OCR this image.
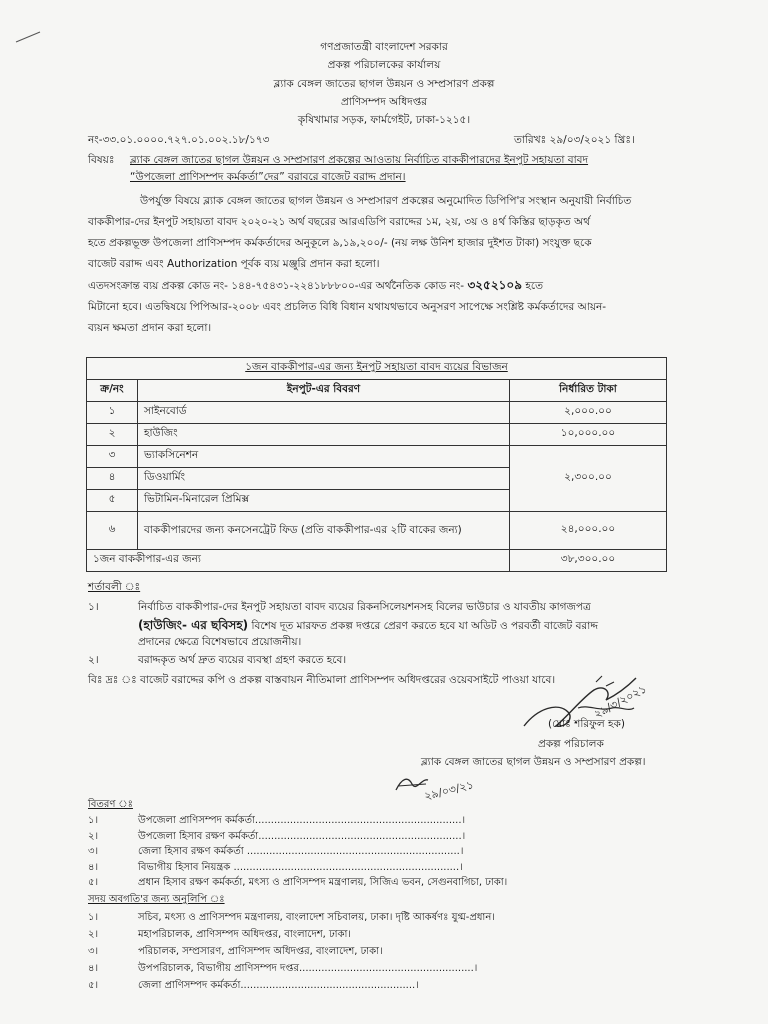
গণপ্রজাতন্ত্রী বাংলাদেশ সরকার
প্রকল্প পরিচালকের কার্যালয়
ব্ল্যাক বেঙ্গল জাতের ছাগল উন্নয়ন ও সম্প্রসারণ প্রকল্প
প্রাণিসম্পদ অধিদপ্তর
কৃষিখামার সড়ক, ফার্মগেইট, ঢাকা-১২১৫।
নং-৩৩.০১.০০০০.৭২৭.০১.০০২.১৮/১৭৩	তারিখঃ ২৯/০৩/২০২১ খ্রিঃ।
বিষয়ঃ ব্ল্যাক বেঙ্গল জাতের ছাগল উন্নয়ন ও সম্প্রসারণ প্রকল্পের আওতায় নির্বাচিত বাককীপারদের ইনপুট সহায়তা বাবদ
“উপজেলা প্রাণিসম্পদ কর্মকর্তা”দের” বরাবরে বাজেট বরাদ্দ প্রদান।
উপর্যুক্ত বিষয়ে ব্ল্যাক বেঙ্গল জাতের ছাগল উন্নয়ন ও সম্প্রসারণ প্রকল্পের অনুমোদিত ডিপিপি'র সংস্থান অনুযায়ী নির্বাচিত
বাককীপার-দের ইনপুট সহায়তা বাবদ ২০২০-২১ অর্থ বছরের আরএডিপি বরাদ্দের ১ম, ২য়, ৩য় ও ৪র্থ কিস্তির ছাড়কৃত অর্থ
হতে প্রকল্পভূক্ত উপজেলা প্রাণিসম্পদ কর্মকর্তাদের অনুকূলে ৯,১৯,২০০/- (নয় লক্ষ উনিশ হাজার দুইশত টাকা) সংযুক্ত ছকে
বাজেট বরাদ্দ এবং Authorization পূর্বক ব্যয় মঞ্জুরি প্রদান করা হলো।
এতদসংক্রান্ত ব্যয় প্রকল্প কোড নং- ১৪৪-৭৫৪৩১-২২৪১৮৮৮০০-এর অর্থনৈতিক কোড নং- ৩২৫২১০৯ হতে
মিটানো হবে। এতদ্বিষয়ে পিপিআর-২০০৮ এবং প্রচলিত বিধি বিধান যথাযথভাবে অনুসরণ সাপেক্ষে সংশ্লিষ্ট কর্মকর্তাদের আয়ন-
ব্যয়ন ক্ষমতা প্রদান করা হলো।
১জন বাককীপার-এর জন্য ইনপুট সহায়তা বাবদ ব্যয়ের বিভাজন		
ক্র/নং	ইনপুট-এর বিবরণ	নির্ধারিত টাকা
১	সাইনবোর্ড	২,০০০.০০
২	হাউজিং	১০,০০০.০০
৩	ভ্যাকসিনেশন	২,৩০০.০০
৪	ডিওয়ার্মিং	
৫	ভিটামিন-মিনারেল প্রিমিক্স	
৬	বাককীপারদের জন্য কনসেনট্রেট ফিড (প্রতি বাককীপার-এর ২টি বাকের জন্য)	২৪,০০০.০০
১জন বাককীপার-এর জন্য		৩৮,৩০০.০০
শর্তাবলী ঃ
১।	নির্বাচিত বাককীপার-দের ইনপুট সহায়তা বাবদ ব্যয়ের রিকনসিলেয়শনসহ বিলের ভাউচার ও যাবতীয় কাগজপত্র
(হাউজিং- এর ছবিসহ) বিশেষ দূত মারফত প্রকল্প দপ্তরে প্রেরণ করতে হবে যা অডিট ও পরবর্তী বাজেট বরাদ্দ
প্রদানের ক্ষেত্রে বিশেষভাবে প্রয়োজনীয়।
২।	বরাদ্দকৃত অর্থ দ্রুত ব্যয়ের ব্যবস্থা গ্রহণ করতে হবে।
বিঃ দ্রঃ ঃ বাজেট বরাদ্দের কপি ও প্রকল্প বাস্তবায়ন নীতিমালা প্রাণিসম্পদ অধিদপ্তরের ওয়েবসাইটে পাওয়া যাবে।
২৯/৩/২০২১
(মোঃ শরিফুল হক)
প্রকল্প পরিচালক
ব্ল্যাক বেঙ্গল জাতের ছাগল উন্নয়ন ও সম্প্রসারণ প্রকল্প।
২৯/০৩/২১
বিতরণ ঃ
১।	উপজেলা প্রাণিসম্পদ কর্মকর্তা.................................................................।
২।	উপজেলা হিসাব রক্ষণ কর্মকর্তা................................................................।
৩।	জেলা হিসাব রক্ষণ কর্মকর্তা ...................................................................।
৪।	বিভাগীয় হিসাব নিয়ন্ত্রক .......................................................................।
৫।	প্রধান হিসাব রক্ষণ কর্মকর্তা, মৎস্য ও প্রাণিসম্পদ মন্ত্রণালয়, সিজিএ ভবন, সেগুনবাগিচা, ঢাকা।
সদয় অবগতি'র জন্য অনুলিপি ঃ
১।	সচিব, মৎস্য ও প্রাণিসম্পদ মন্ত্রণালয়, বাংলাদেশ সচিবালয়, ঢাকা। দৃষ্টি আকর্ষণঃ যুগ্ম-প্রধান।
২।	মহাপরিচালক, প্রাণিসম্পদ অধিদপ্তর, বাংলাদেশ, ঢাকা।
৩।	পরিচালক, সম্প্রসারণ, প্রাণিসম্পদ অধিদপ্তর, বাংলাদেশ, ঢাকা।
৪।	উপপরিচালক, বিভাগীয় প্রাণিসম্পদ দপ্তর.......................................................।
৫।	জেলা প্রাণিসম্পদ কর্মকর্তা.......................................................।
